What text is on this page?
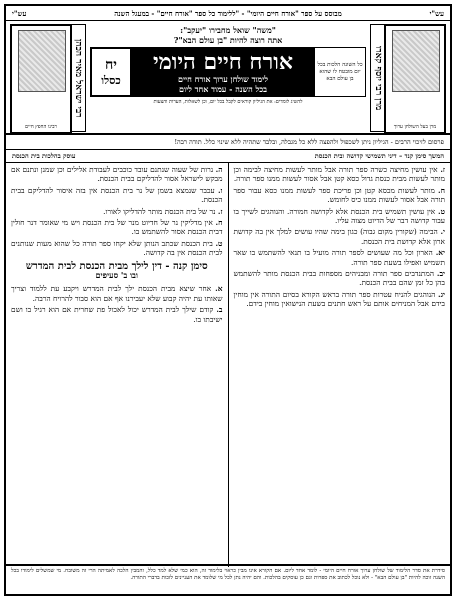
עש"י
מבוסס על ספר "אורח חיים היומי" - "ללימוד כל ספר "אורח חיים" - במעגל השנה
עש"י
מרן בעל השולחן ערוך
מרן רבי יוסף קארו
"משה" שואל מחבירו "יעקב":
אתה רוצה להיות "בן עולם הבא"?
כל השונה הלכות בכל יום מובטח לו שהוא בן עולם הבא
אורח חיים היומי
לימוד שולחן ערוך אורח חיים
בכל השנה - עמוד אחד ליום
יח
כסלו
להשיג לומדים: את הגיליון קוראים לקבל בכל יום, וכן לשאלות, הערות והצעות
רבי ישראל מאיר הכהן
רבינו החפץ חיים
פרסום לזיכוי הרבים - הגיליון ניתן לשכפול ולהפצה ללא כל מגבלה, ובלבד שתהיה ללא שינוי כלל. תודה רבה!
המשך סימן קנד – דיני תשמישי קדושה ובית הכנסת
עוסק בהלכות בית הכנסת

ז. אין עושין מחיצה כשרה ספר תורה אבל מותר לעשות מחיצה לבימה וכן מותר לעשות מבית כנסת גדול כסא קטן אבל אסור לעשות ממנו ספר תורה.

ח. מותר לעשות מכסא קטן וכן פריכת ספר לעשות ממנו כסא עבור ספר תורה אבל אסור לעשות ממנו כיס לחומש.

ט. אין עושין תשמיש בית הכנסת אלא לקדושה חמורה. והנוהגים לשייך בו עבור קדושה דבר של הדיוט מצוה עליו.

י. הבימה (שקורין מקום גבוה) כגון בימה שהיו עושים למלך אין בה קדושת ארון אלא קדושת בית הכנסת.

יא. הארון וכל מה שעושים לספר תורה מועיל בו תנאי להשתמש בו שאר תשמיש ואפילו בשעת ספר תורה.

יב. המתנדבים ספר תורה ומבניהים מספחות בבית הכנסת מותר להשתמש בהן כל זמן שהם בבית הכנסת.

יג. הנוהגים להניח עטרות ספר תורה בראש הקורא בסיום התורה אין מוחין בידם אבל המניחים אותם על ראש חתנים בשעת הנישואין מוחין בידם.

ה. נרות של שעוה שנתנם עובד כוכבים לעבודת אלילים וכן שמנן ונתנם אם מבקש לישראל אסור להדליקם בבית הכנסת.

ו. עכבר שנמצא בשמן של נר בית הכנסת אין בזה איסור להדליקם בבית הכנסת.

ז. נר של בית הכנסת מותר להדליקו לאורו.

ח. אין מדליקין נר של חדיוט מנר של בית הכנסת ויש מי שאומר דנר חולין דבית הכנסת אסור להשתמש בו.

ט. בית הכנסת שכתב הנותן שלא יקחו ספר תורה כל שהוא מעות שנותנים לבית הכנסת אין בה קדושה.

סימן קנה - דין לילך מבית הכנסת לבית המדרש
ובו ב' סעיפים

א. אחר שיצא מבית הכנסת ילך לבית המדרש ויקבע עת ללמוד וצריך שאותו עת יהיה קבוע שלא יעבירנו אף אם הוא סבור להרויח הרבה.

ב. קודם שילך לבית המדרש יכול לאכול פת שחרית אם הוא רגיל בו ושם ישיבתו בו.

סידרת את סדר הלימוד של שולחן ערוך אורח חיים היומי - לומד אחד ליום. אם הקורא אינו מבין כראוי בלימוד זה, הוא כמי שלא למד כלל, והמבין הלכה לאמיתה הרי זה משובח. מי שמשלים לימודו בכל השנה זוכה להיות "בן עולם הבא" - ולא נוכל לכתוב את ספרות וגם כן עוסקים בהלכות. והם יהיה נתן לכל מי שלומד את העניינים לזכות בדברי התורה.
